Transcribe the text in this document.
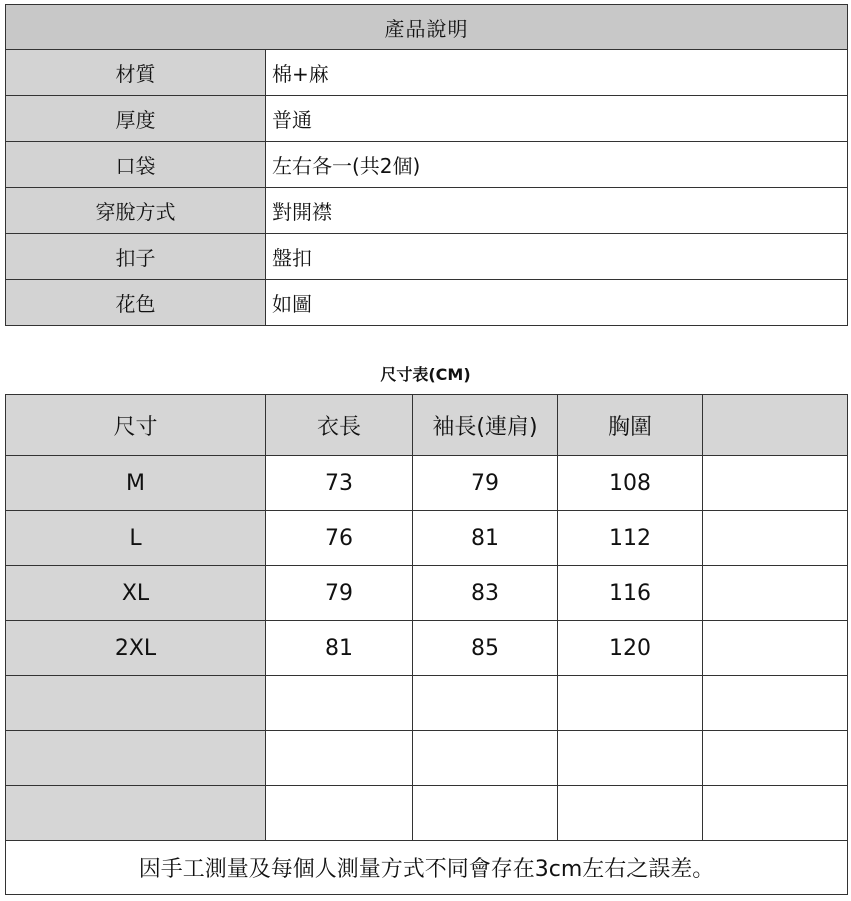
產品說明	
材質	棉+麻
厚度	普通
口袋	左右各一(共2個)
穿脫方式	對開襟
扣子	盤扣
花色	如圖
尺寸表(CM)
尺寸	衣長	袖長(連肩)	胸圍	
M	73	79	108	
L	76	81	112	
XL	79	83	116	
2XL	81	85	120	

因手工測量及每個人測量方式不同會存在3cm左右之誤差。				
